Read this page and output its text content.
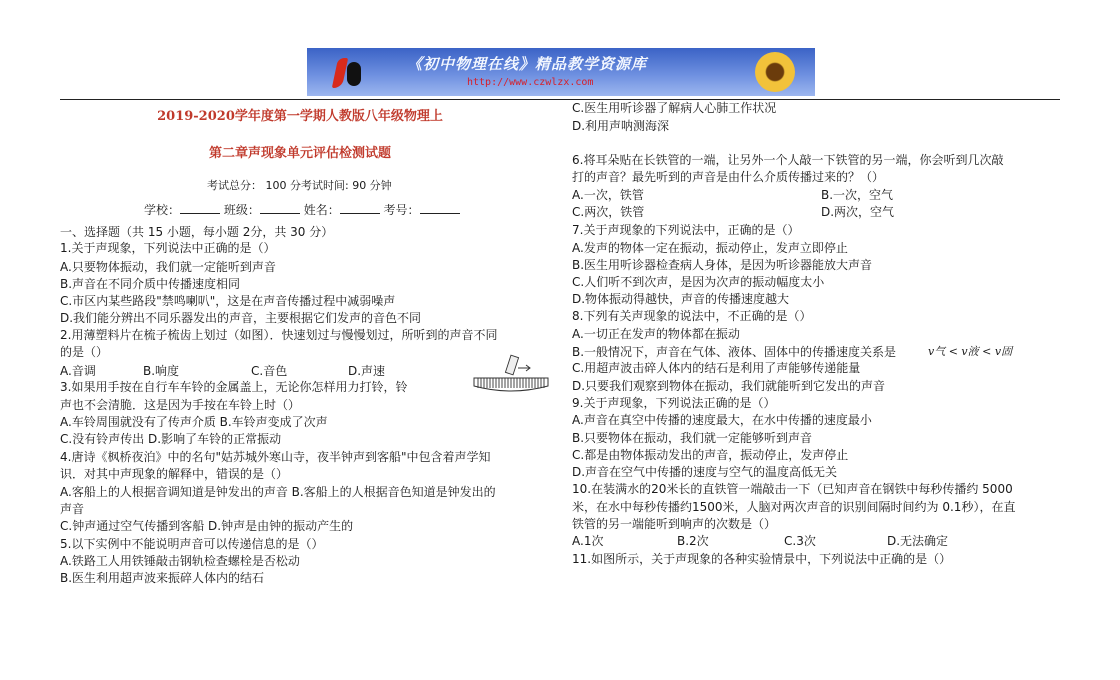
《初中物理在线》精品教学资源库
http://www.czwlzx.com
2019-2020学年度第一学期人教版八年级物理上
第二章声现象单元评估检测试题
考试总分： 100 分考试时间: 90 分钟
学校：	班级：	姓名：	考号：
一、选择题（共 15 小题，每小题 2分，共 30 分）
1.关于声现象，下列说法中正确的是（）
A.只要物体振动，我们就一定能听到声音
B.声音在不同介质中传播速度相同
C.市区内某些路段"禁鸣喇叭"，这是在声音传播过程中减弱噪声
D.我们能分辨出不同乐器发出的声音，主要根据它们发声的音色不同
2.用薄塑料片在梳子梳齿上划过（如图）．快速划过与慢慢划过，所听到的声音不同
的是（）
A.音调
3.如果用手按在自行车车铃的金属盖上，无论你怎样用力打铃，铃
声也不会清脆．这是因为手按在车铃上时（）
A.车铃周围就没有了传声介质 B.车铃声变成了次声
C.没有铃声传出 D.影响了车铃的正常振动
4.唐诗《枫桥夜泊》中的名句"姑苏城外寒山寺，夜半钟声到客船"中包含着声学知
识．对其中声现象的解释中，错误的是（）
A.客船上的人根据音调知道是钟发出的声音 B.客船上的人根据音色知道是钟发出的
声音
C.钟声通过空气传播到客船 D.钟声是由钟的振动产生的
5.以下实例中不能说明声音可以传递信息的是（）
A.铁路工人用铁锤敲击钢轨检查螺栓是否松动
B.医生利用超声波来振碎人体内的结石
B.响度	C.音色	D.声速
C.医生用听诊器了解病人心肺工作状况
D.利用声呐测海深
6.将耳朵贴在长铁管的一端，让另外一个人敲一下铁管的另一端，你会听到几次敲
打的声音？最先听到的声音是由什么介质传播过来的？（）
7.关于声现象的下列说法中，正确的是（）
A.发声的物体一定在振动，振动停止，发声立即停止
B.医生用听诊器检查病人身体，是因为听诊器能放大声音
C.人们听不到次声，是因为次声的振动幅度太小
D.物体振动得越快，声音的传播速度越大
8.下列有关声现象的说法中，不正确的是（）
A.一切正在发声的物体都在振动
B.一般情况下，声音在气体、液体、固体中的传播速度关系是
C.用超声波击碎人体内的结石是利用了声能够传递能量
D.只要我们观察到物体在振动，我们就能听到它发出的声音
9.关于声现象，下列说法正确的是（）
A.声音在真空中传播的速度最大，在水中传播的速度最小
B.只要物体在振动，我们就一定能够听到声音
C.都是由物体振动发出的声音，振动停止，发声停止
D.声音在空气中传播的速度与空气的温度高低无关
10.在装满水的20米长的直铁管一端敲击一下（已知声音在钢铁中每秒传播约 5000
米，在水中每秒传播约1500米，人脑对两次声音的识别间隔时间约为 0.1秒），在直
铁管的另一端能听到响声的次数是（）
11.如图所示，关于声现象的各种实验情景中，下列说法中正确的是（）
A.一次，铁管	B.一次，空气
C.两次，铁管	D.两次，空气
v气 < v液 < v固
A.1次	B.2次	C.3次	D.无法确定
